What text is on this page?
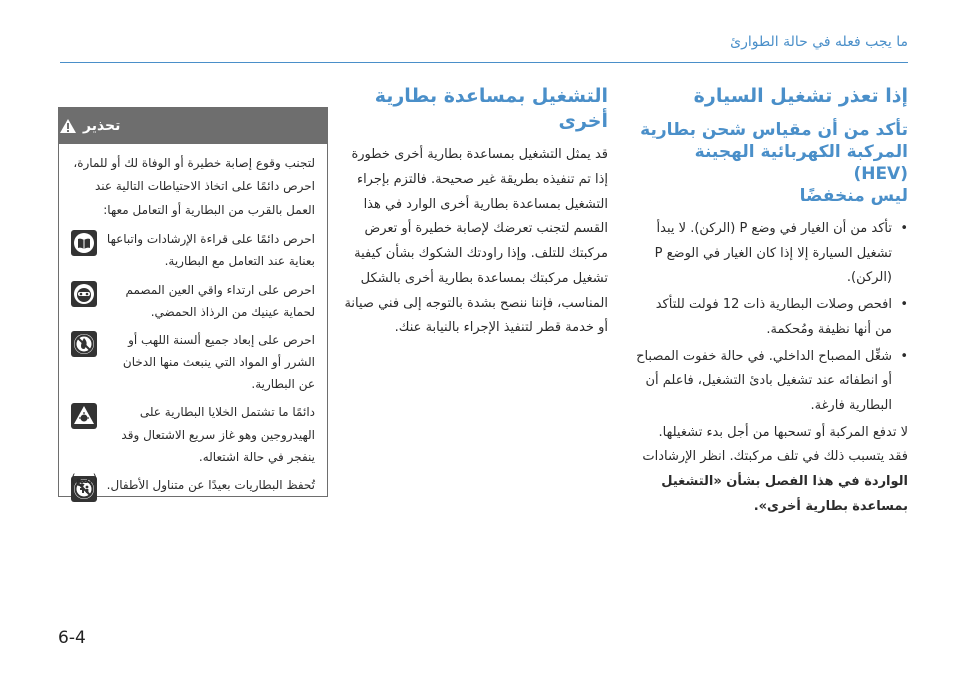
ما يجب فعله في حالة الطوارئ
إذا تعذر تشغيل السيارة
تأكد من أن مقياس شحن بطارية
المركبة الكهربائية الهجينة (HEV)
ليس منخفضًا
•
تأكد من أن الغيار في وضع P (الركن). لا يبدأ تشغيل السيارة إلا إذا كان الغيار في الوضع P (الركن).
•
افحص وصلات البطارية ذات 12 فولت للتأكد من أنها نظيفة ومُحكمة.
•
شغِّل المصباح الداخلي. في حالة خفوت المصباح أو انطفائه عند تشغيل بادئ التشغيل، فاعلم أن البطارية فارغة.

لا تدفع المركبة أو تسحبها من أجل بدء تشغيلها. فقد يتسبب ذلك في تلف مركبتك. انظر الإرشادات الواردة في هذا الفصل بشأن «التشغيل بمساعدة بطارية أخرى».

التشغيل بمساعدة بطارية أخرى

قد يمثل التشغيل بمساعدة بطارية أخرى خطورة إذا تم تنفيذه بطريقة غير صحيحة. فالتزم بإجراء التشغيل بمساعدة بطارية أخرى الوارد في هذا القسم لتجنب تعرضك لإصابة خطيرة أو تعرض مركبتك للتلف. وإذا راودتك الشكوك بشأن كيفية تشغيل مركبتك بمساعدة بطارية أخرى بالشكل المناسب، فإننا ننصح بشدة بالتوجه إلى فني صيانة أو خدمة قطر لتنفيذ الإجراء بالنيابة عنك.

تحذير

لتجنب وقوع إصابة خطيرة أو الوفاة لك أو للمارة، احرص دائمًا على اتخاذ الاحتياطات التالية عند العمل بالقرب من البطارية أو التعامل معها:

احرص دائمًا على قراءة الإرشادات واتباعها بعناية عند التعامل مع البطارية.
احرص على ارتداء واقي العين المصمم لحماية عينيك من الرذاذ الحمضي.
احرص على إبعاد جميع ألسنة اللهب أو الشرر أو المواد التي ينبعث منها الدخان عن البطارية.
دائمًا ما تشتمل الخلايا البطارية على الهيدروجين وهو غاز سريع الاشتعال وقد ينفجر في حالة اشتعاله.
تُحفظ البطاريات بعيدًا عن متناول الأطفال.
(يتبع)
6-4
